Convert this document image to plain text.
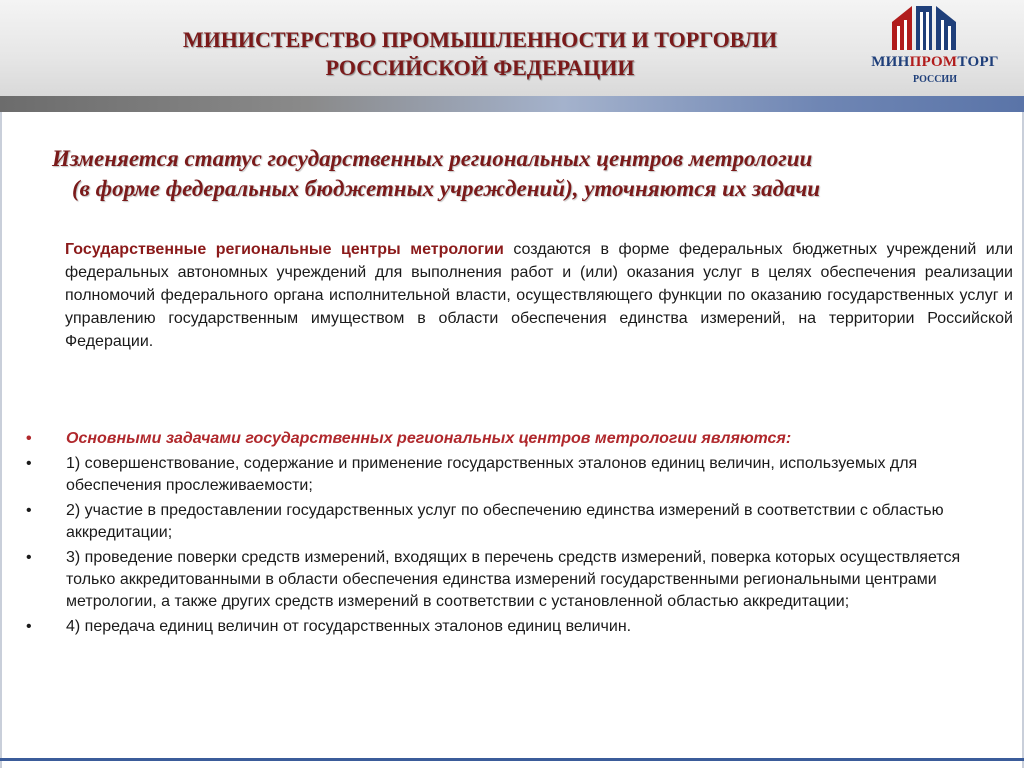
МИНИСТЕРСТВО ПРОМЫШЛЕННОСТИ И ТОРГОВЛИ
РОССИЙСКОЙ ФЕДЕРАЦИИ	МИНПРОМТОРГ
РОССИИ
Изменяется статус государственных региональных центров метрологии
(в форме федеральных бюджетных учреждений), уточняются их задачи
Государственные региональные центры метрологии создаются в форме федеральных бюджетных учреждений или федеральных автономных учреждений для выполнения работ и (или) оказания услуг в целях обеспечения реализации полномочий федерального органа исполнительной власти, осуществляющего функции по оказанию государственных услуг и управлению государственным имуществом в области обеспечения единства измерений, на территории Российской Федерации.
•	Основными задачами государственных региональных центров метрологии являются:
•	1) совершенствование, содержание и применение государственных эталонов единиц величин, используемых для обеспечения прослеживаемости;
•	2) участие в предоставлении государственных услуг по обеспечению единства измерений в соответствии с областью аккредитации;
•	3) проведение поверки средств измерений, входящих в перечень средств измерений, поверка которых осуществляется только аккредитованными в области обеспечения единства измерений государственными региональными центрами метрологии, а также других средств измерений в соответствии с установленной областью аккредитации;
•	4) передача единиц величин от государственных эталонов единиц величин.
